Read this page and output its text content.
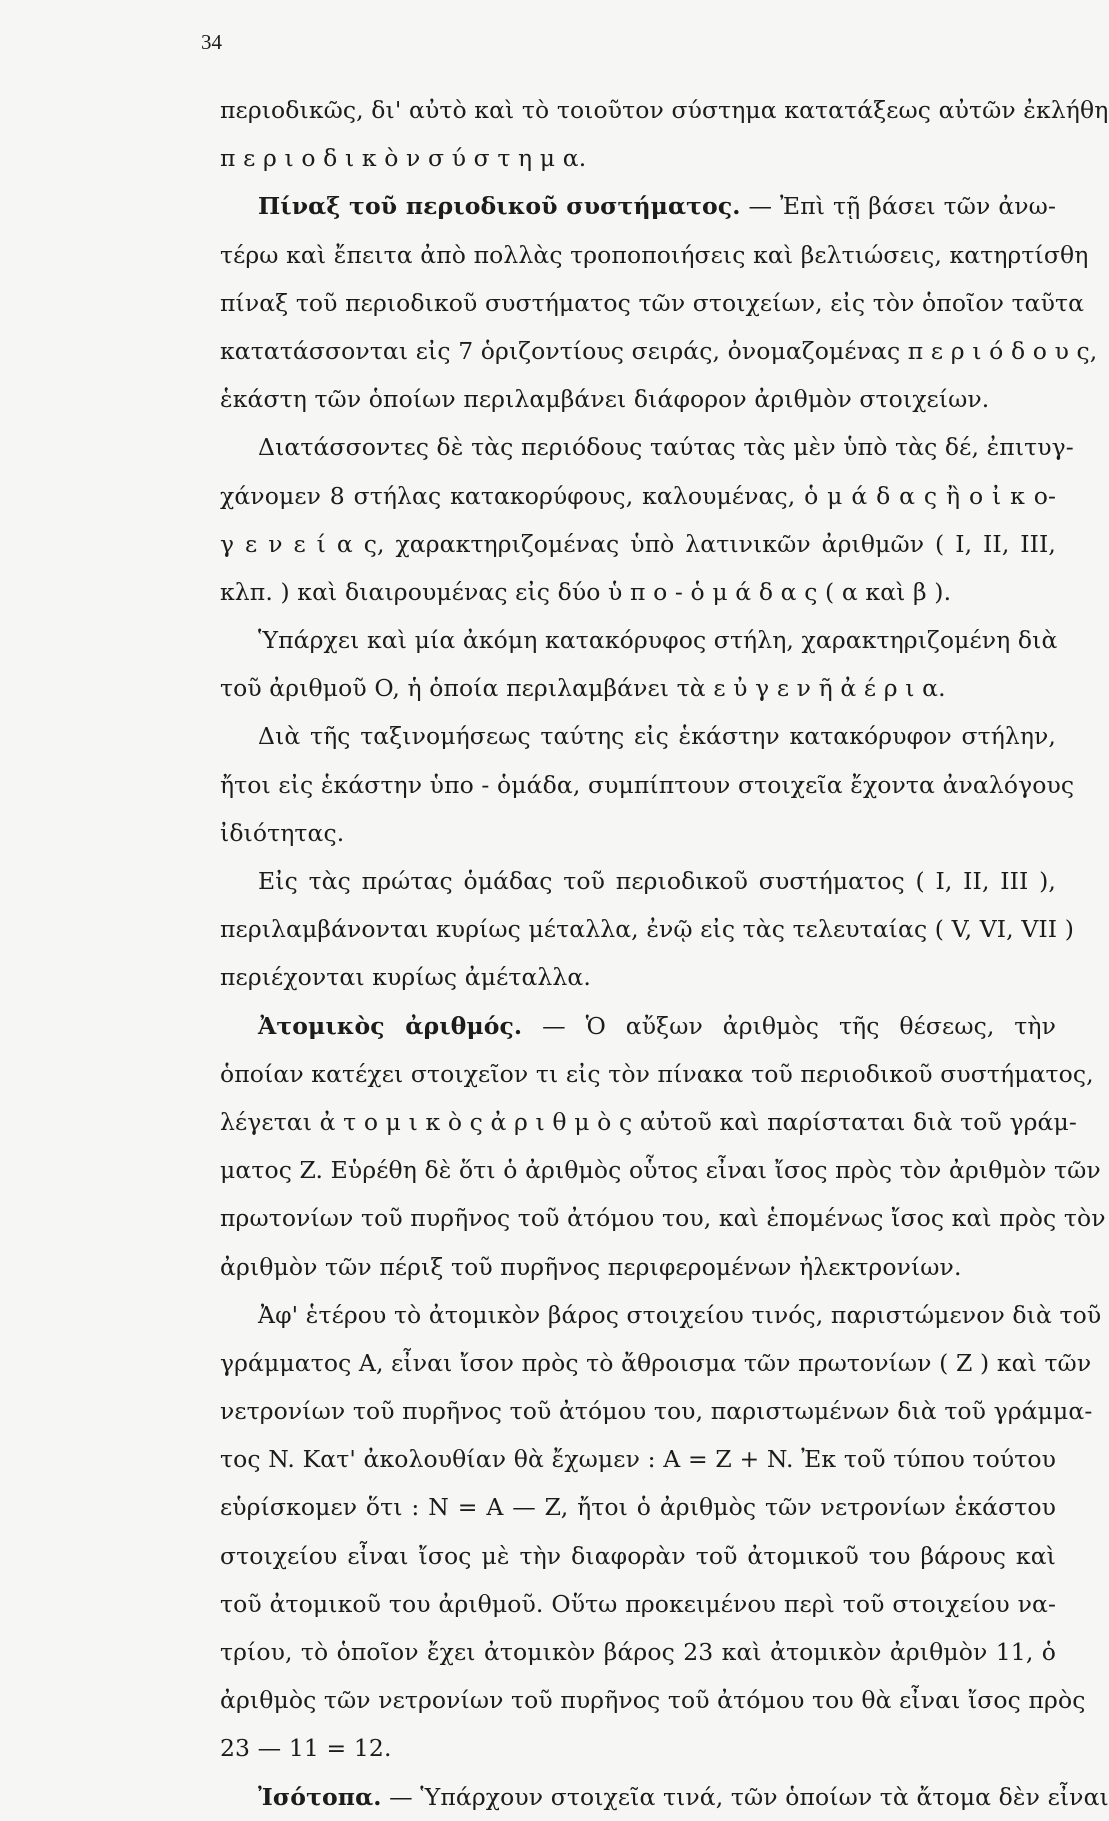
34
περιοδικῶς, δι' αὐτὸ καὶ τὸ τοιοῦτον σύστημα κατατάξεως αὐτῶν ἐκλήθη
π ε ρ ι ο δ ι κ ὸ ν σ ύ σ τ η μ α.
Πίναξ τοῦ περιοδικοῦ συστήματος. — Ἐπὶ τῇ βάσει τῶν ἀνω-
τέρω καὶ ἔπειτα ἀπὸ πολλὰς τροποποιήσεις καὶ βελτιώσεις, κατηρτίσθη
πίναξ τοῦ περιοδικοῦ συστήματος τῶν στοιχείων, εἰς τὸν ὁποῖον ταῦτα
κατατάσσονται εἰς 7 ὁριζοντίους σειράς, ὀνομαζομένας π ε ρ ι ό δ ο υ ς,
ἑκάστη τῶν ὁποίων περιλαμβάνει διάφορον ἀριθμὸν στοιχείων.
Διατάσσοντες δὲ τὰς περιόδους ταύτας τὰς μὲν ὑπὸ τὰς δέ, ἐπιτυγ-
χάνομεν 8 στήλας κατακορύφους, καλουμένας, ὁ μ ά δ α ς ἢ ο ἰ κ ο-
γ ε ν ε ί α ς, χαρακτηριζομένας ὑπὸ λατινικῶν ἀριθμῶν ( I, II, III,
κλπ. ) καὶ διαιρουμένας εἰς δύο ὑ π ο - ὁ μ ά δ α ς ( α καὶ β ).
Ὑπάρχει καὶ μία ἀκόμη κατακόρυφος στήλη, χαρακτηριζομένη διὰ
τοῦ ἀριθμοῦ O, ἡ ὁποία περιλαμβάνει τὰ ε ὐ γ ε ν ῆ ἀ έ ρ ι α.
Διὰ τῆς ταξινομήσεως ταύτης εἰς ἑκάστην κατακόρυφον στήλην,
ἤτοι εἰς ἑκάστην ὑπο - ὁμάδα, συμπίπτουν στοιχεῖα ἔχοντα ἀναλόγους
ἰδιότητας.
Εἰς τὰς πρώτας ὁμάδας τοῦ περιοδικοῦ συστήματος ( I, II, III ),
περιλαμβάνονται κυρίως μέταλλα, ἐνῷ εἰς τὰς τελευταίας ( V, VI, VII )
περιέχονται κυρίως ἀμέταλλα.
Ἀτομικὸς ἀριθμός. — Ὁ αὔξων ἀριθμὸς τῆς θέσεως, τὴν
ὁποίαν κατέχει στοιχεῖον τι εἰς τὸν πίνακα τοῦ περιοδικοῦ συστήματος,
λέγεται ἀ τ ο μ ι κ ὸ ς ἀ ρ ι θ μ ὸ ς αὐτοῦ καὶ παρίσταται διὰ τοῦ γράμ-
ματος Z. Εὑρέθη δὲ ὅτι ὁ ἀριθμὸς οὗτος εἶναι ἴσος πρὸς τὸν ἀριθμὸν τῶν
πρωτονίων τοῦ πυρῆνος τοῦ ἀτόμου του, καὶ ἑπομένως ἴσος καὶ πρὸς τὸν
ἀριθμὸν τῶν πέριξ τοῦ πυρῆνος περιφερομένων ἠλεκτρονίων.
Ἀφ' ἑτέρου τὸ ἀτομικὸν βάρος στοιχείου τινός, παριστώμενον διὰ τοῦ
γράμματος A, εἶναι ἴσον πρὸς τὸ ἄθροισμα τῶν πρωτονίων ( Z ) καὶ τῶν
νετρονίων τοῦ πυρῆνος τοῦ ἀτόμου του, παριστωμένων διὰ τοῦ γράμμα-
τος N. Κατ' ἀκολουθίαν θὰ ἔχωμεν : A = Z + N. Ἐκ τοῦ τύπου τούτου
εὑρίσκομεν ὅτι : N = A — Z, ἤτοι ὁ ἀριθμὸς τῶν νετρονίων ἑκάστου
στοιχείου εἶναι ἴσος μὲ τὴν διαφορὰν τοῦ ἀτομικοῦ του βάρους καὶ
τοῦ ἀτομικοῦ του ἀριθμοῦ. Οὕτω προκειμένου περὶ τοῦ στοιχείου να-
τρίου, τὸ ὁποῖον ἔχει ἀτομικὸν βάρος 23 καὶ ἀτομικὸν ἀριθμὸν 11, ὁ
ἀριθμὸς τῶν νετρονίων τοῦ πυρῆνος τοῦ ἀτόμου του θὰ εἶναι ἴσος πρὸς
23 — 11 = 12.
Ἰσότοπα. — Ὑπάρχουν στοιχεῖα τινά, τῶν ὁποίων τὰ ἄτομα δὲν εἶναι
